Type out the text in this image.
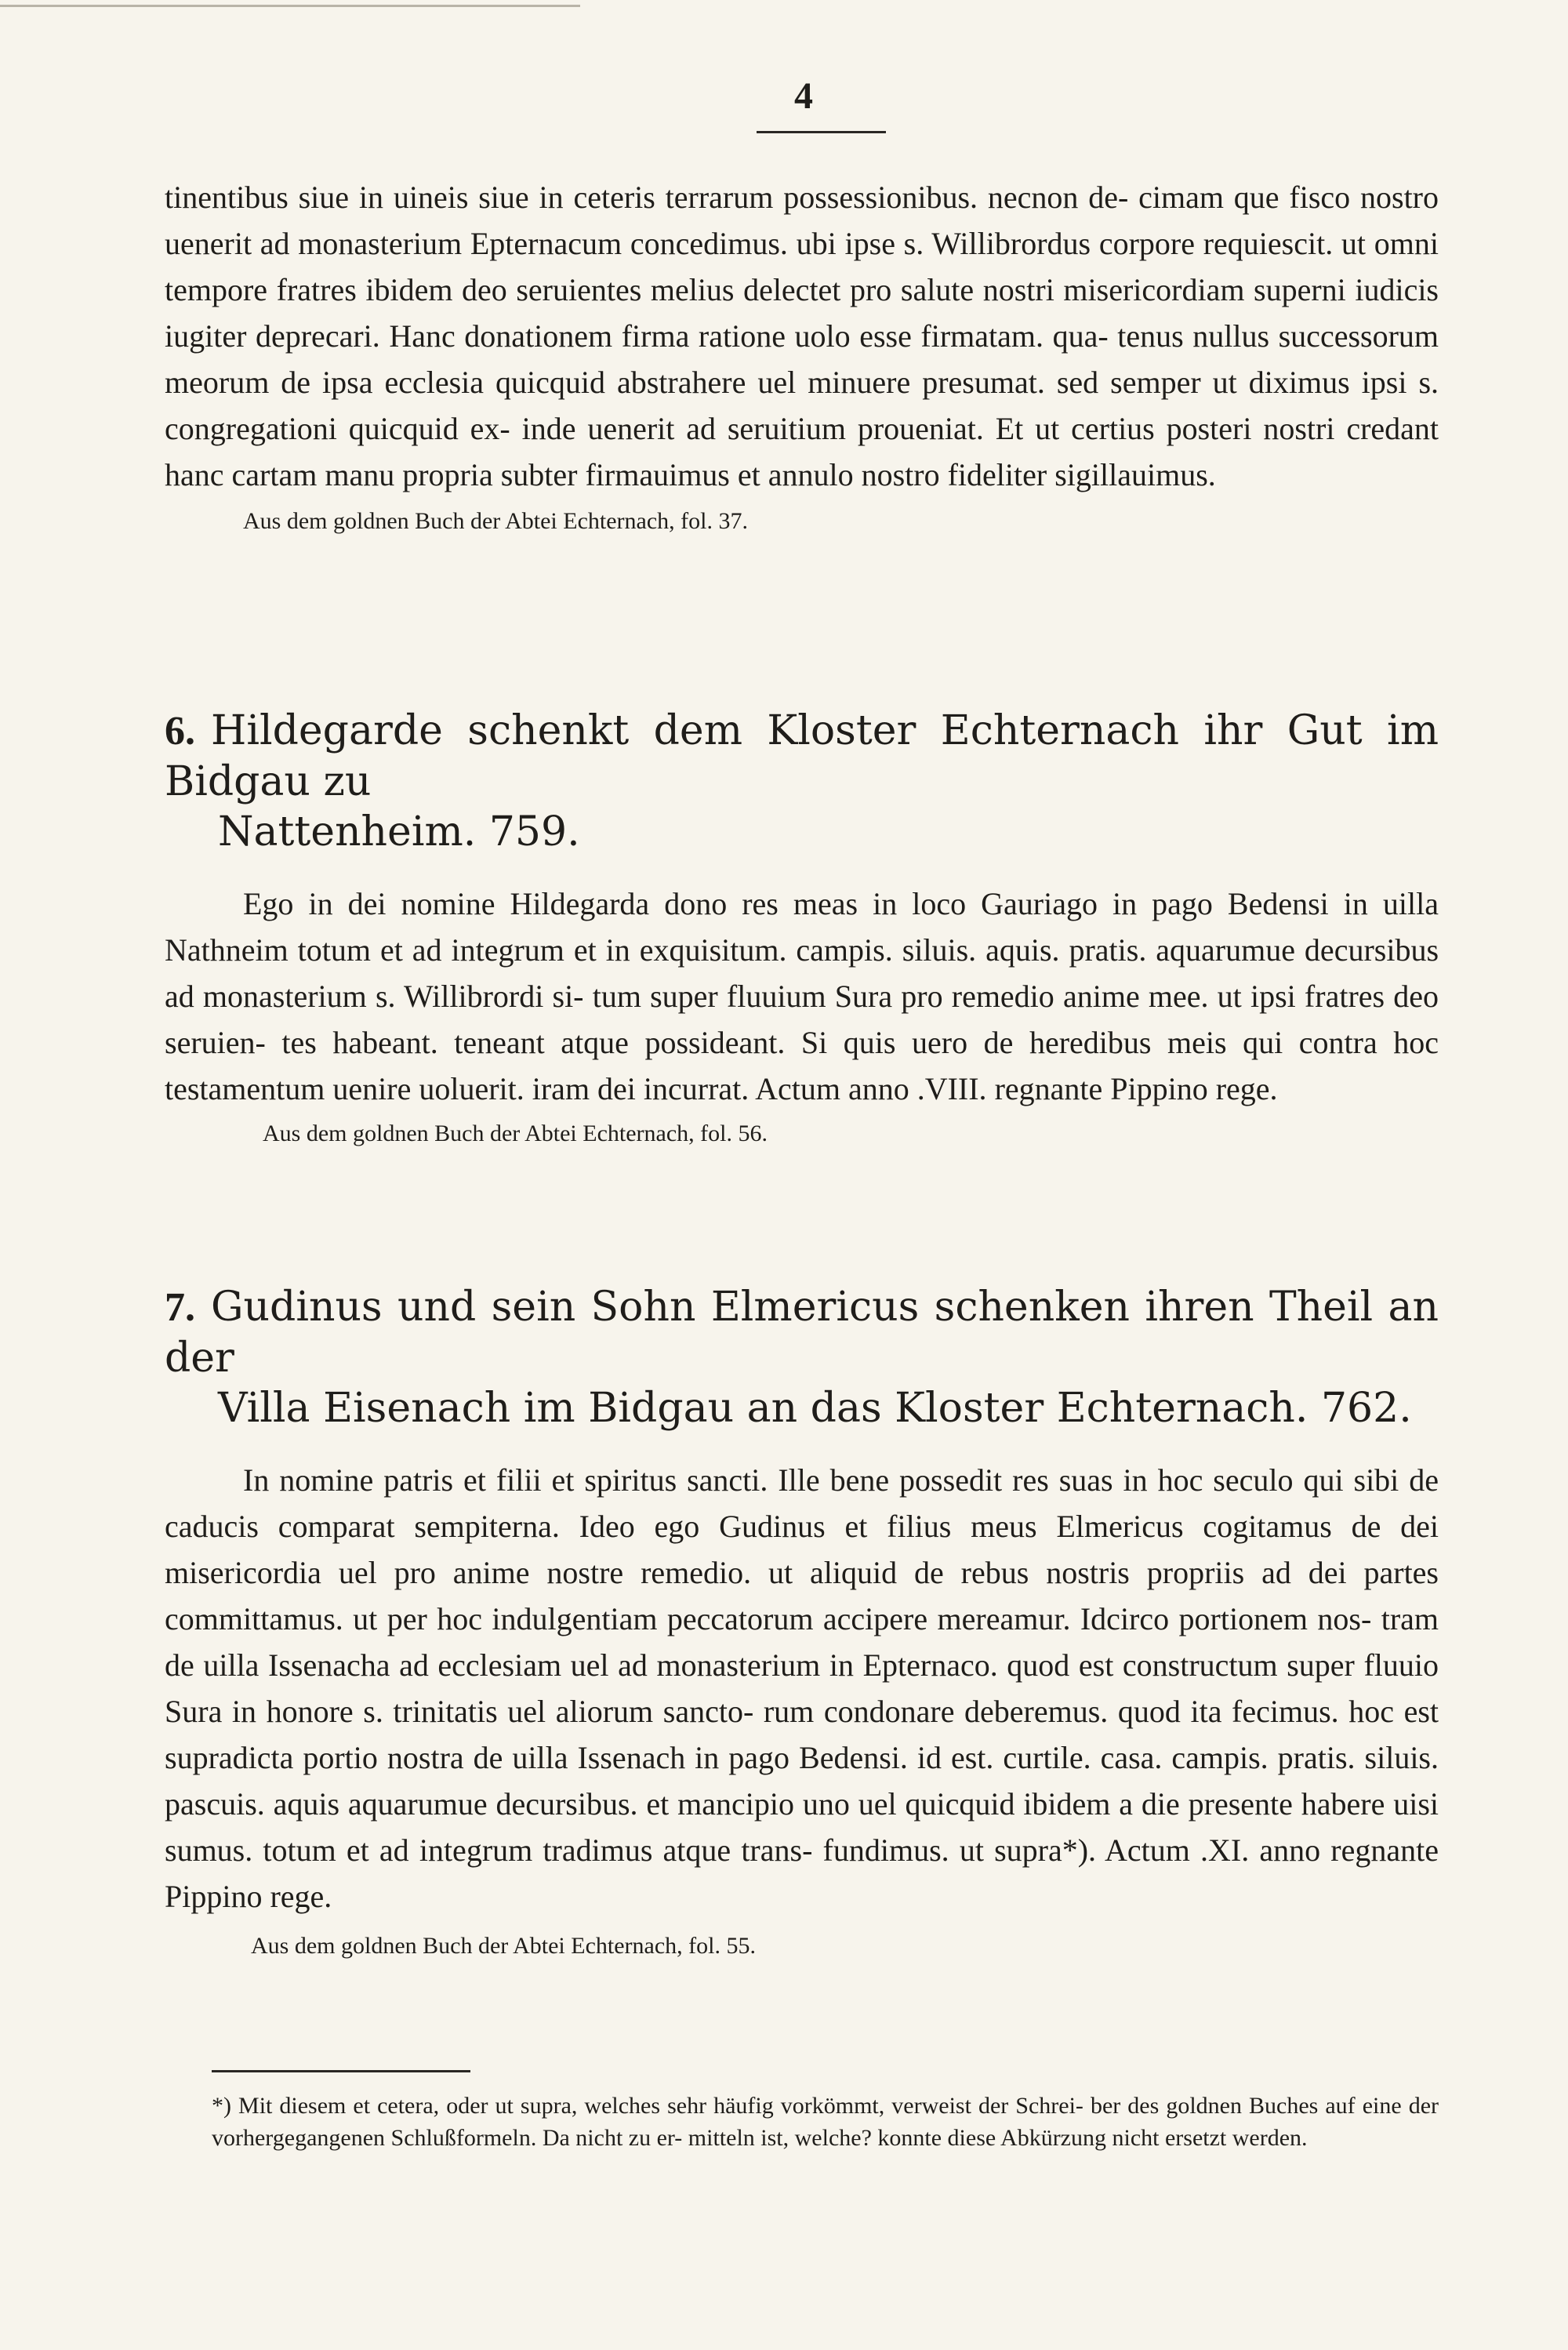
4

tinentibus siue in uineis siue in ceteris terrarum possessionibus. necnon de- cimam que fisco nostro uenerit ad monasterium Epternacum concedimus. ubi ipse s. Willibrordus corpore requiescit. ut omni tempore fratres ibidem deo seruientes melius delectet pro salute nostri misericordiam superni iudicis iugiter deprecari. Hanc donationem firma ratione uolo esse firmatam. qua- tenus nullus successorum meorum de ipsa ecclesia quicquid abstrahere uel minuere presumat. sed semper ut diximus ipsi s. congregationi quicquid ex- inde uenerit ad seruitium proueniat. Et ut certius posteri nostri credant hanc cartam manu propria subter firmauimus et annulo nostro fideliter sigillauimus.

Aus dem goldnen Buch der Abtei Echternach, fol. 37.

6. Hildegarde schenkt dem Kloster Echternach ihr Gut im Bidgau zu
Nattenheim. 759.

Ego in dei nomine Hildegarda dono res meas in loco Gauriago in pago Bedensi in uilla Nathneim totum et ad integrum et in exquisitum. campis. siluis. aquis. pratis. aquarumue decursibus ad monasterium s. Willibrordi si- tum super fluuium Sura pro remedio anime mee. ut ipsi fratres deo seruien- tes habeant. teneant atque possideant. Si quis uero de heredibus meis qui contra hoc testamentum uenire uoluerit. iram dei incurrat. Actum anno .VIII. regnante Pippino rege.

Aus dem goldnen Buch der Abtei Echternach, fol. 56.

7. Gudinus und sein Sohn Elmericus schenken ihren Theil an der
Villa Eisenach im Bidgau an das Kloster Echternach. 762.

In nomine patris et filii et spiritus sancti. Ille bene possedit res suas in hoc seculo qui sibi de caducis comparat sempiterna. Ideo ego Gudinus et filius meus Elmericus cogitamus de dei misericordia uel pro anime nostre remedio. ut aliquid de rebus nostris propriis ad dei partes committamus. ut per hoc indulgentiam peccatorum accipere mereamur. Idcirco portionem nos- tram de uilla Issenacha ad ecclesiam uel ad monasterium in Epternaco. quod est constructum super fluuio Sura in honore s. trinitatis uel aliorum sancto- rum condonare deberemus. quod ita fecimus. hoc est supradicta portio nostra de uilla Issenach in pago Bedensi. id est. curtile. casa. campis. pratis. siluis. pascuis. aquis aquarumue decursibus. et mancipio uno uel quicquid ibidem a die presente habere uisi sumus. totum et ad integrum tradimus atque trans- fundimus. ut supra*). Actum .XI. anno regnante Pippino rege.

Aus dem goldnen Buch der Abtei Echternach, fol. 55.

*) Mit diesem et cetera, oder ut supra, welches sehr häufig vorkömmt, verweist der Schrei- ber des goldnen Buches auf eine der vorhergegangenen Schlußformeln. Da nicht zu er- mitteln ist, welche? konnte diese Abkürzung nicht ersetzt werden.
